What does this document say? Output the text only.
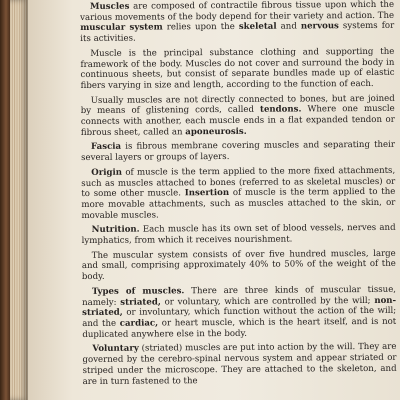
Muscles are composed of contractile fibrous tissue upon which the various movements of the body depend for their variety and action. The muscular system relies upon the skeletal and nervous systems for its activities.

Muscle is the principal substance clothing and supporting the framework of the body. Muscles do not cover and surround the body in continuous sheets, but consist of separate bundles made up of elastic fibers varying in size and length, according to the function of each.

Usually muscles are not directly connected to bones, but are joined by means of glistening cords, called tendons. Where one muscle connects with another, each muscle ends in a flat expanded tendon or fibrous sheet, called an aponeurosis.

Fascia is fibrous membrane covering muscles and separating their several layers or groups of layers.

Origin of muscle is the term applied to the more fixed attachments, such as muscles attached to bones (referred to as skeletal muscles) or to some other muscle. Insertion of muscle is the term applied to the more movable attachments, such as muscles attached to the skin, or movable muscles.

Nutrition. Each muscle has its own set of blood vessels, nerves and lymphatics, from which it receives nourishment.

The muscular system consists of over five hundred muscles, large and small, comprising approximately 40% to 50% of the weight of the body.

Types of muscles. There are three kinds of muscular tissue, namely: striated, or voluntary, which are controlled by the will; non-striated, or involuntary, which function without the action of the will; and the cardiac, or heart muscle, which is the heart itself, and is not duplicated anywhere else in the body.

Voluntary (striated) muscles are put into action by the will. They are governed by the cerebro-spinal nervous system and appear striated or striped under the microscope. They are attached to the skeleton, and are in turn fastened to the
